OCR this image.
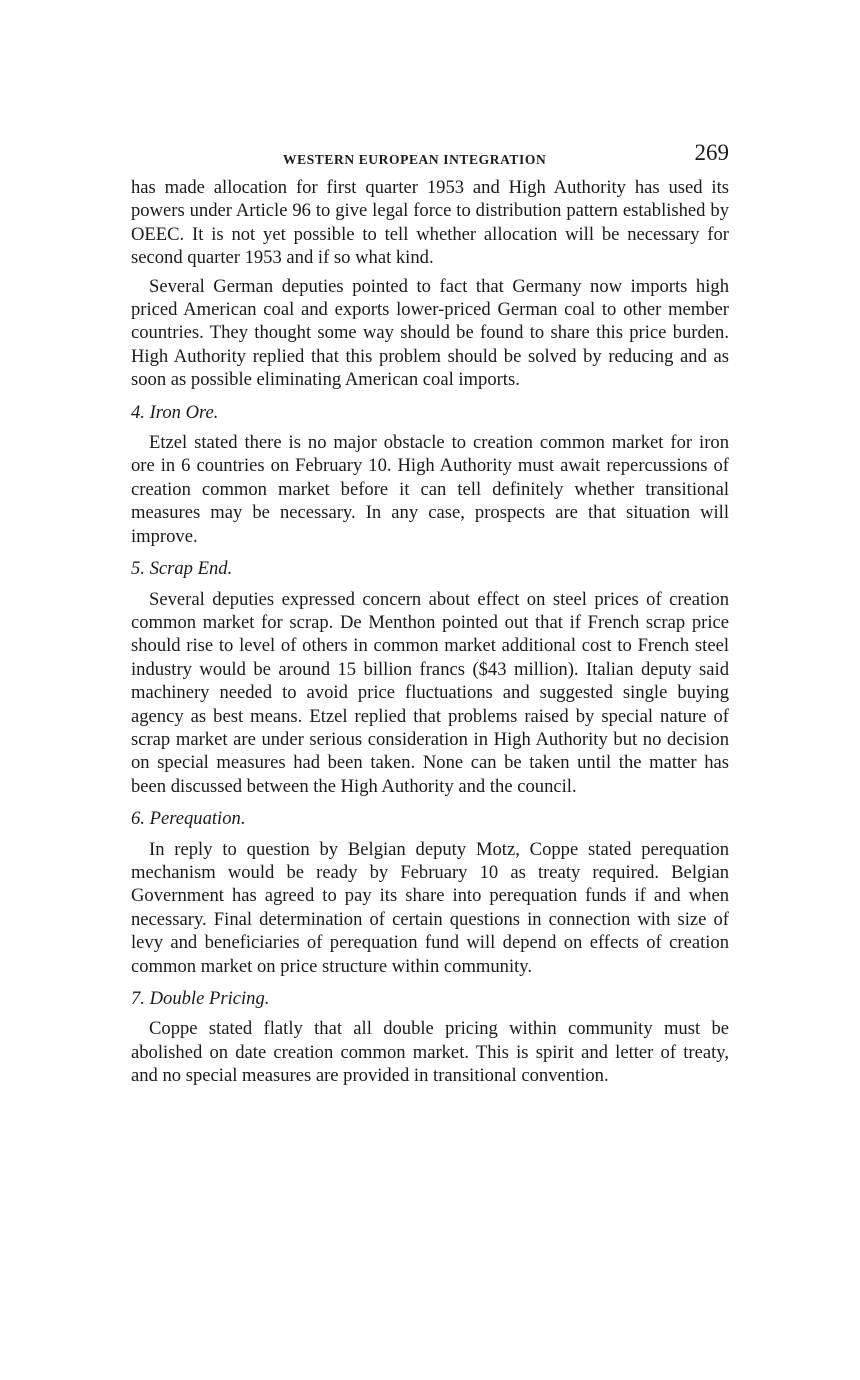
WESTERN EUROPEAN INTEGRATION	269

has made allocation for first quarter 1953 and High Authority has used its powers under Article 96 to give legal force to distribution pattern established by OEEC. It is not yet possible to tell whether allocation will be necessary for second quarter 1953 and if so what kind.

Several German deputies pointed to fact that Germany now imports high priced American coal and exports lower-priced German coal to other member countries. They thought some way should be found to share this price burden. High Authority replied that this problem should be solved by reducing and as soon as possible eliminating American coal imports.

4. Iron Ore.

Etzel stated there is no major obstacle to creation common market for iron ore in 6 countries on February 10. High Authority must await repercussions of creation common market before it can tell definitely whether transitional measures may be necessary. In any case, prospects are that situation will improve.

5. Scrap End.

Several deputies expressed concern about effect on steel prices of creation common market for scrap. De Menthon pointed out that if French scrap price should rise to level of others in common market additional cost to French steel industry would be around 15 billion francs ($43 million). Italian deputy said machinery needed to avoid price fluctuations and suggested single buying agency as best means. Etzel replied that problems raised by special nature of scrap market are under serious consideration in High Authority but no decision on special measures had been taken. None can be taken until the matter has been discussed between the High Authority and the council.

6. Perequation.

In reply to question by Belgian deputy Motz, Coppe stated perequation mechanism would be ready by February 10 as treaty required. Belgian Government has agreed to pay its share into perequation funds if and when necessary. Final determination of certain questions in connection with size of levy and beneficiaries of perequation fund will depend on effects of creation common market on price structure within community.

7. Double Pricing.

Coppe stated flatly that all double pricing within community must be abolished on date creation common market. This is spirit and letter of treaty, and no special measures are provided in transitional convention.
